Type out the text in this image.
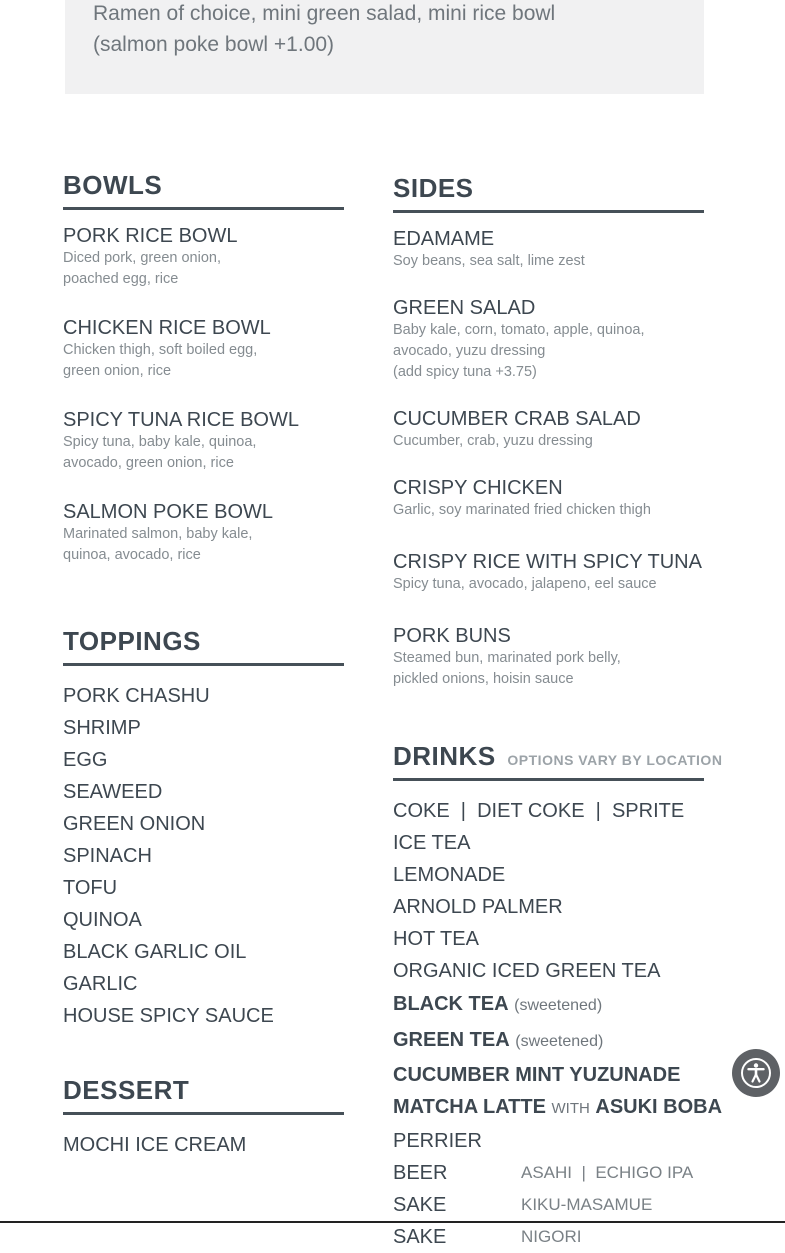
Ramen of choice, mini green salad, mini rice bowl
(salmon poke bowl +1.00)
BOWLS
PORK RICE BOWL
Diced pork, green onion,
poached egg, rice
CHICKEN RICE BOWL
Chicken thigh, soft boiled egg,
green onion, rice
SPICY TUNA RICE BOWL
Spicy tuna, baby kale, quinoa,
avocado, green onion, rice
SALMON POKE BOWL
Marinated salmon, baby kale,
quinoa, avocado, rice
TOPPINGS
PORK CHASHU
SHRIMP
EGG
SEAWEED
GREEN ONION
SPINACH
TOFU
QUINOA
BLACK GARLIC OIL
GARLIC
HOUSE SPICY SAUCE
DESSERT
MOCHI ICE CREAM
SIDES
EDAMAME
Soy beans, sea salt, lime zest
GREEN SALAD
Baby kale, corn, tomato, apple, quinoa,
avocado, yuzu dressing
(add spicy tuna +3.75)
CUCUMBER CRAB SALAD
Cucumber, crab, yuzu dressing
CRISPY CHICKEN
Garlic, soy marinated fried chicken thigh
CRISPY RICE WITH SPICY TUNA
Spicy tuna, avocado, jalapeno, eel sauce
PORK BUNS
Steamed bun, marinated pork belly,
pickled onions, hoisin sauce
DRINKS OPTIONS VARY BY LOCATION
COKE  |  DIET COKE  |  SPRITE
ICE TEA
LEMONADE
ARNOLD PALMER
HOT TEA
ORGANIC ICED GREEN TEA
BLACK TEA (sweetened)
GREEN TEA (sweetened)
CUCUMBER MINT YUZUNADE
MATCHA LATTE WITH ASUKI BOBA
PERRIER
BEER	ASAHI  |  ECHIGO IPA
SAKE	KIKU-MASAMUE
SAKE	NIGORI
